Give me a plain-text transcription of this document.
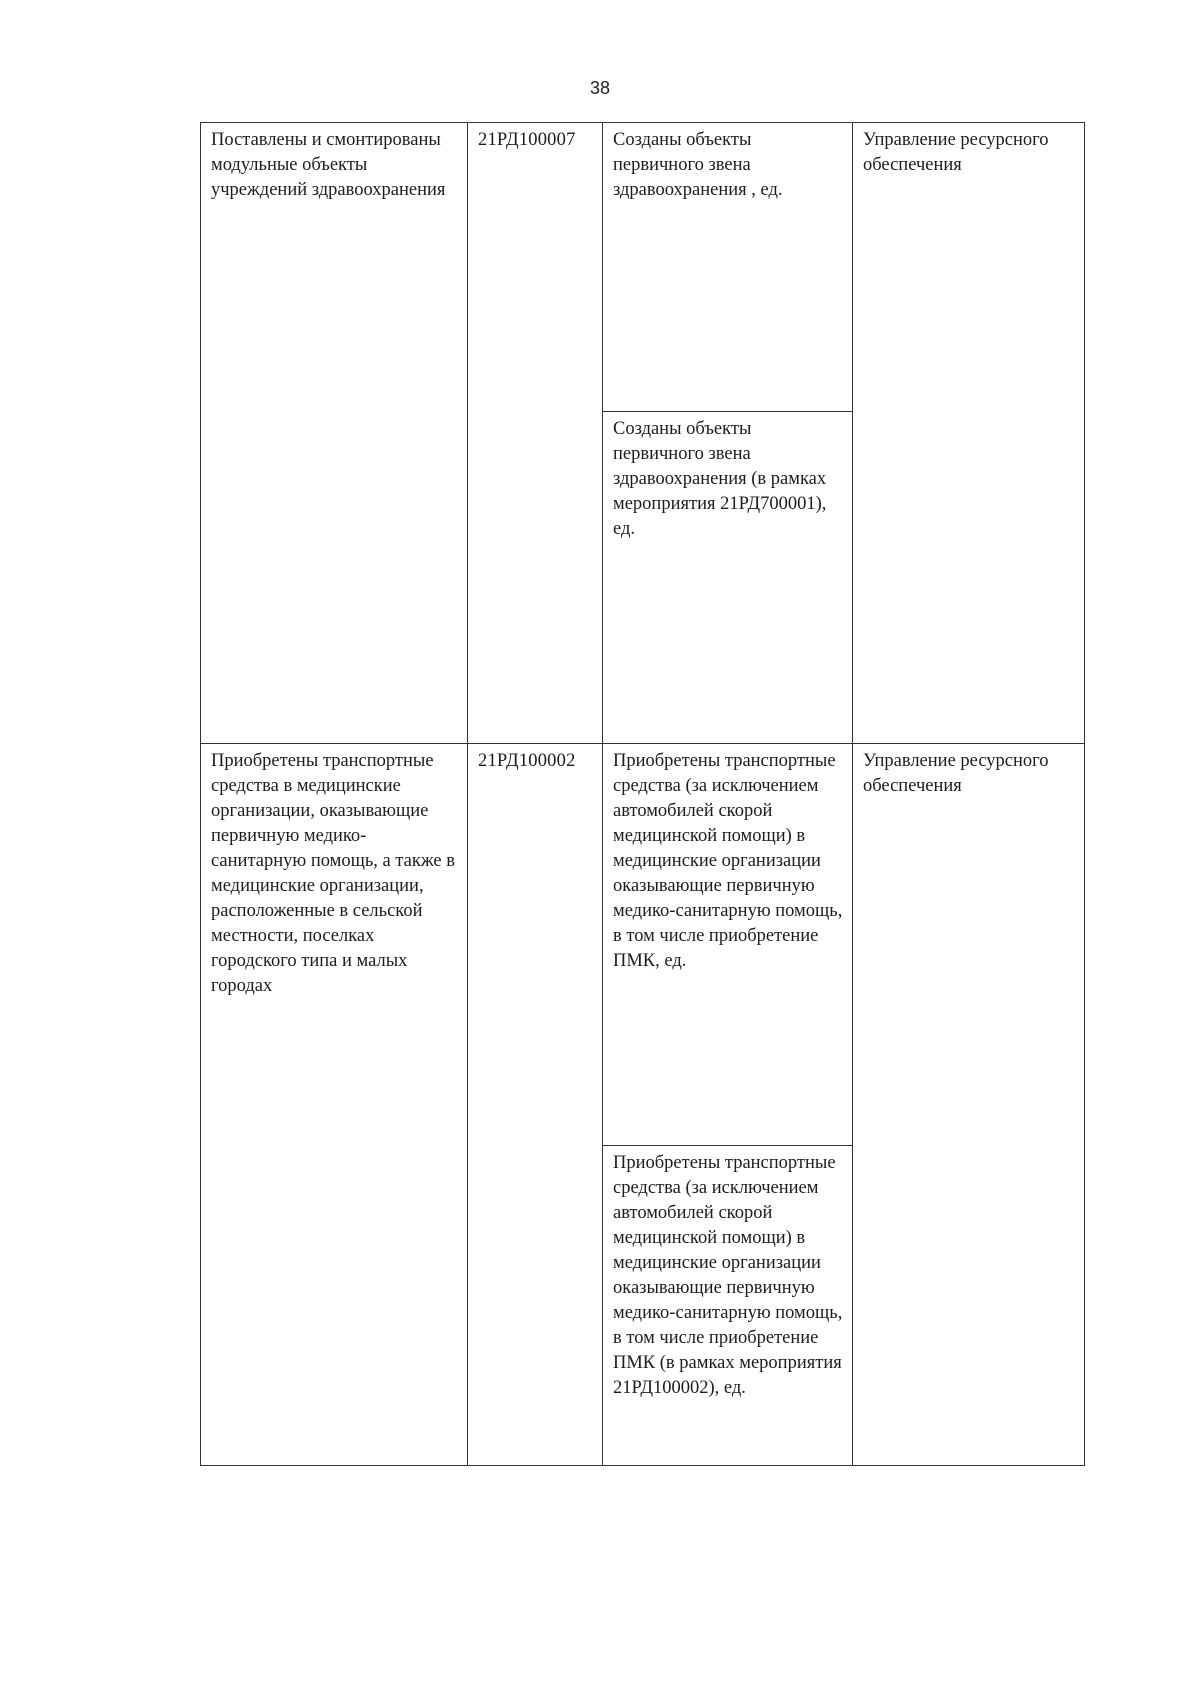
38
Поставлены и смонтированы модульные объекты учреждений здравоохранения	21РД100007	Созданы объекты первичного звена здравоохранения , ед.	Управление ресурсного обеспечения
		Созданы объекты первичного звена здравоохранения (в рамках мероприятия 21РД700001), ед.	
Приобретены транспортные средства в медицинские организации, оказывающие первичную медико-санитарную помощь, а также в медицинские организации, расположенные в сельской местности, поселках городского типа и малых городах	21РД100002	Приобретены транспортные средства (за исключением автомобилей скорой медицинской помощи) в медицинские организации оказывающие первичную медико-санитарную помощь, в том числе приобретение ПМК, ед.	Управление ресурсного обеспечения
		Приобретены транспортные средства (за исключением автомобилей скорой медицинской помощи) в медицинские организации оказывающие первичную медико-санитарную помощь, в том числе приобретение ПМК (в рамках мероприятия 21РД100002), ед.	
